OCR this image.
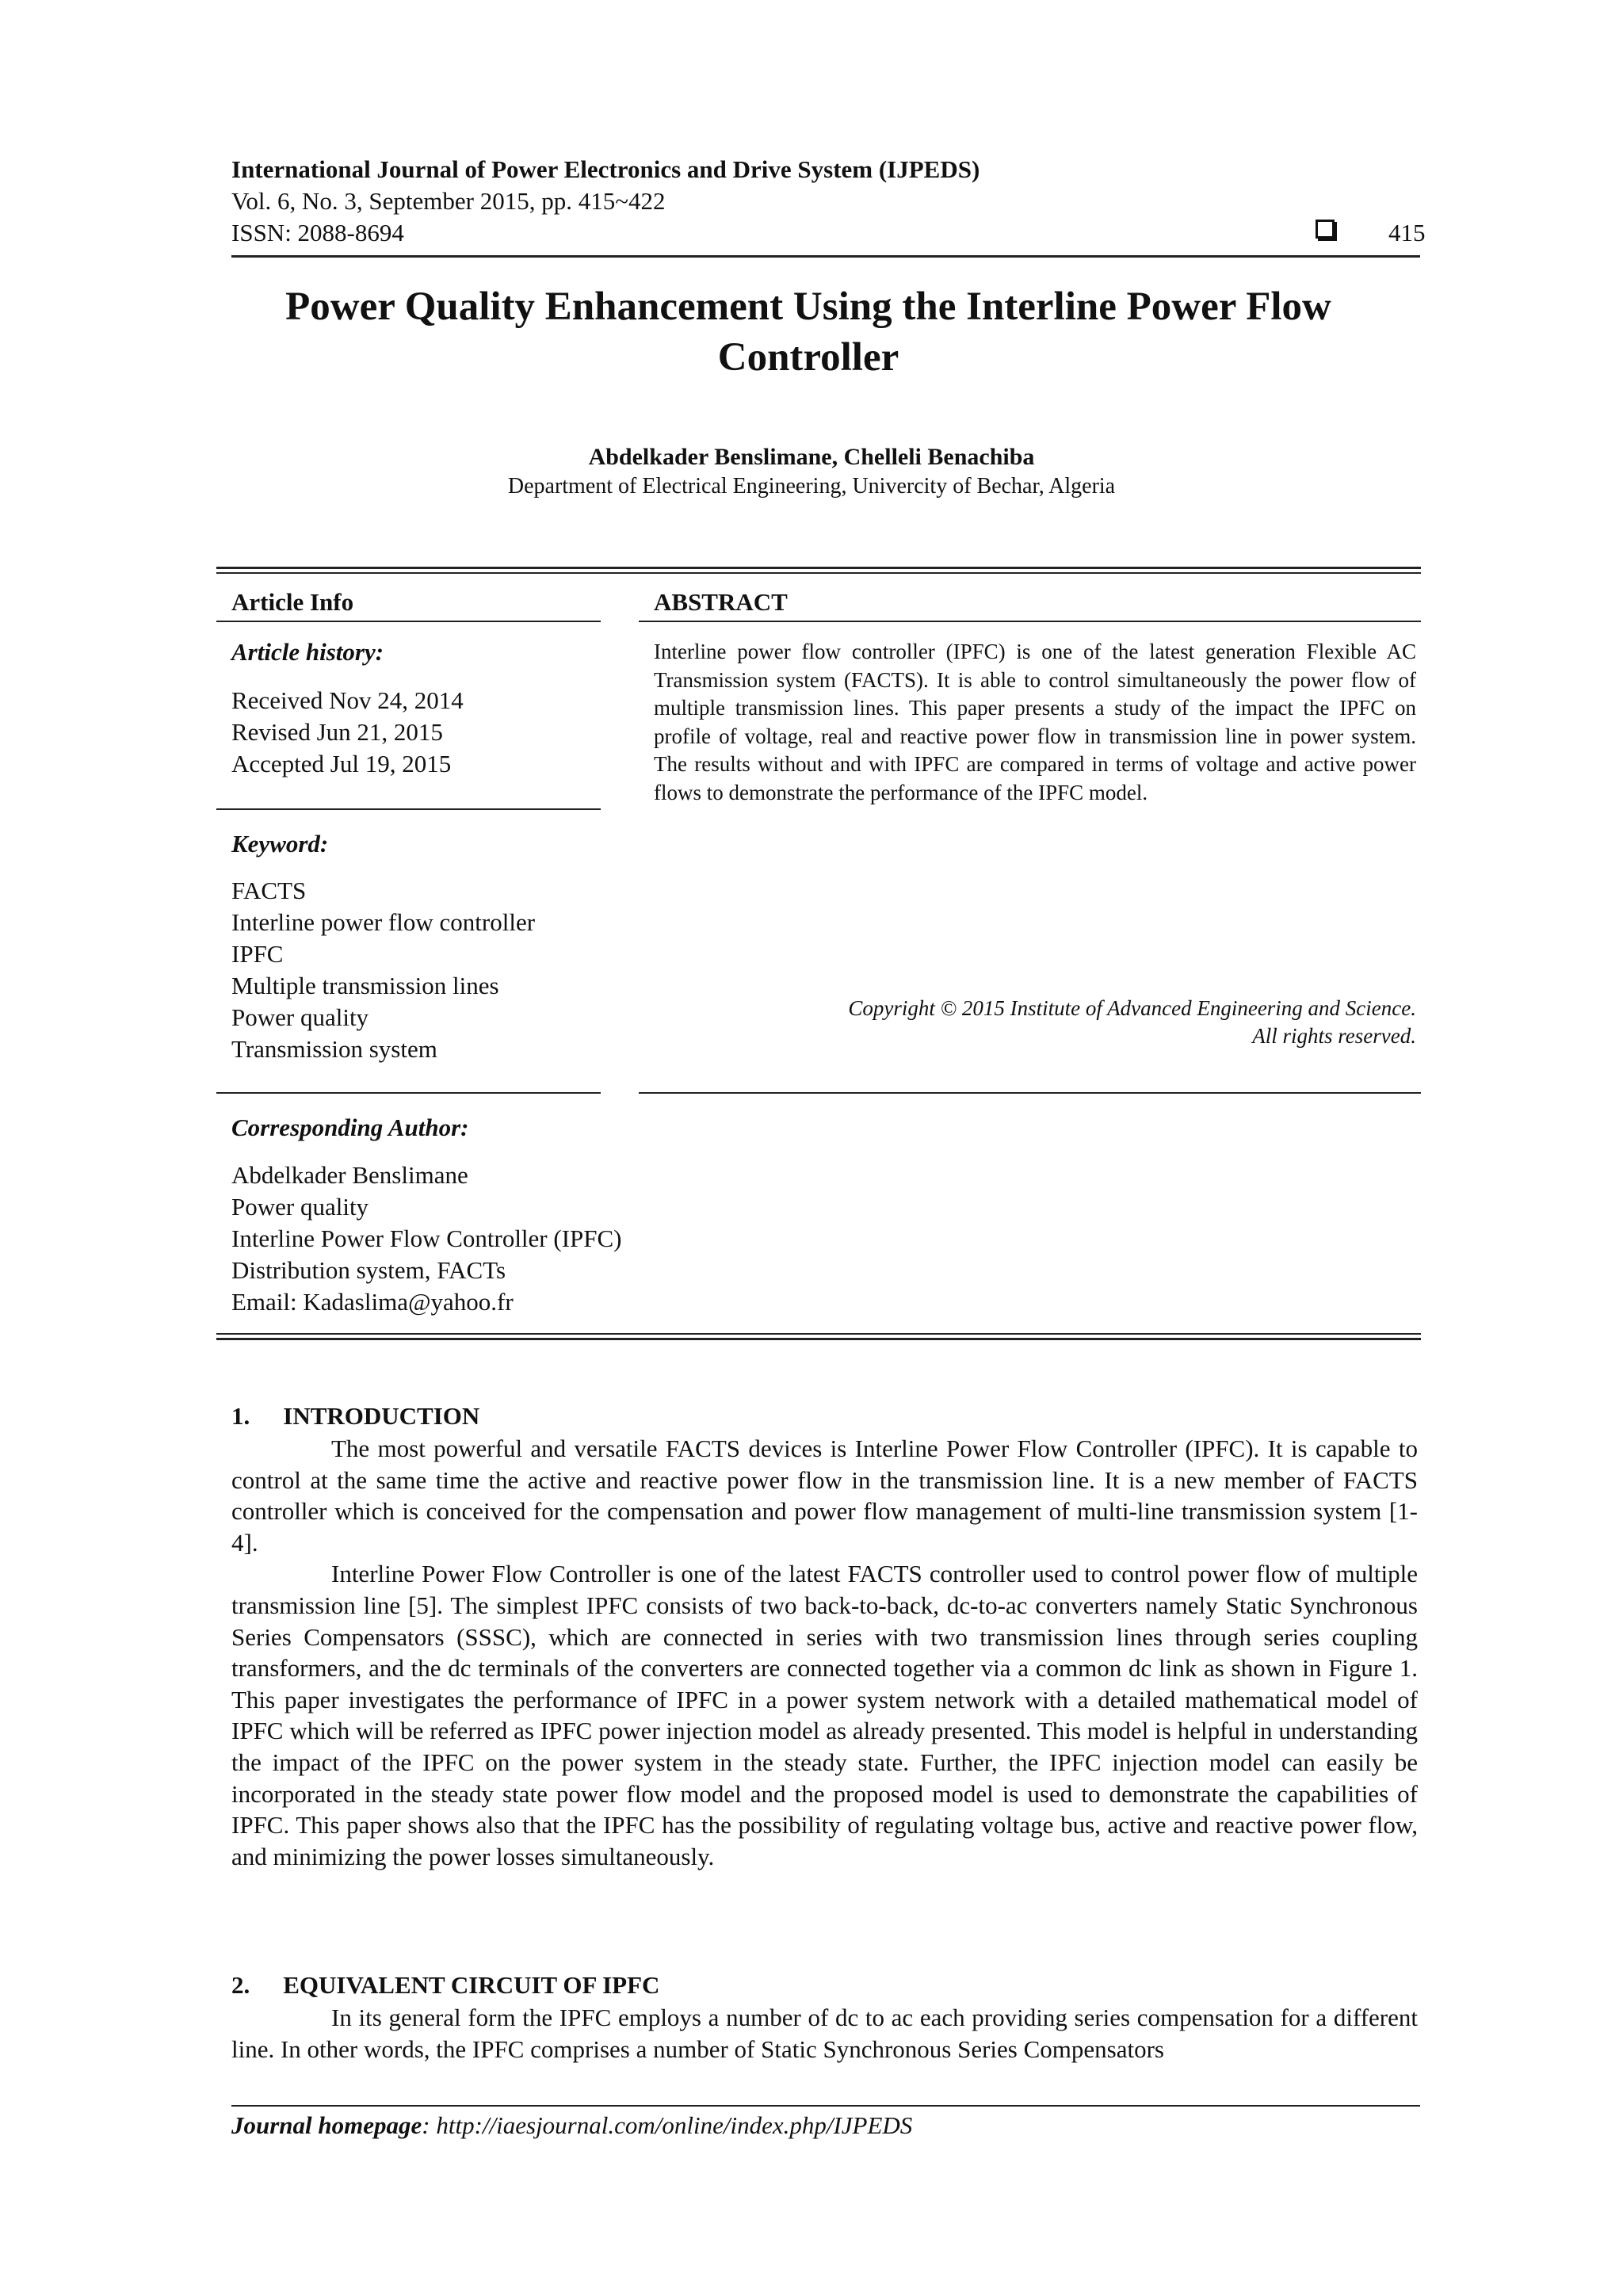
International Journal of Power Electronics and Drive System (IJPEDS)
Vol. 6, No. 3, September 2015, pp. 415~422
ISSN: 2088-8694	415
Power Quality Enhancement Using the Interline Power Flow Controller
Abdelkader Benslimane, Chelleli Benachiba
Department of Electrical Engineering, Univercity of Bechar, Algeria
Article Info
Article history:
Received Nov 24, 2014
Revised Jun 21, 2015
Accepted Jul 19, 2015
Keyword:
FACTS
Interline power flow controller
IPFC
Multiple transmission lines
Power quality
Transmission system
ABSTRACT
Interline power flow controller (IPFC) is one of the latest generation Flexible AC Transmission system (FACTS). It is able to control simultaneously the power flow of multiple transmission lines. This paper presents a study of the impact the IPFC on profile of voltage, real and reactive power flow in transmission line in power system. The results without and with IPFC are compared in terms of voltage and active power flows to demonstrate the performance of the IPFC model.
Copyright © 2015 Institute of Advanced Engineering and Science.
All rights reserved.
Corresponding Author:
Abdelkader Benslimane
Power quality
Interline Power Flow Controller (IPFC)
Distribution system, FACTs
Email: Kadaslima@yahoo.fr
1. INTRODUCTION

The most powerful and versatile FACTS devices is Interline Power Flow Controller (IPFC). It is capable to control at the same time the active and reactive power flow in the transmission line. It is a new member of FACTS controller which is conceived for the compensation and power flow management of multi-line transmission system [1-4].

Interline Power Flow Controller is one of the latest FACTS controller used to control power flow of multiple transmission line [5]. The simplest IPFC consists of two back-to-back, dc-to-ac converters namely Static Synchronous Series Compensators (SSSC), which are connected in series with two transmission lines through series coupling transformers, and the dc terminals of the converters are connected together via a common dc link as shown in Figure 1. This paper investigates the performance of IPFC in a power system network with a detailed mathematical model of IPFC which will be referred as IPFC power injection model as already presented. This model is helpful in understanding the impact of the IPFC on the power system in the steady state. Further, the IPFC injection model can easily be incorporated in the steady state power flow model and the proposed model is used to demonstrate the capabilities of IPFC. This paper shows also that the IPFC has the possibility of regulating voltage bus, active and reactive power flow, and minimizing the power losses simultaneously.

2. EQUIVALENT CIRCUIT OF IPFC

In its general form the IPFC employs a number of dc to ac each providing series compensation for a different line. In other words, the IPFC comprises a number of Static Synchronous Series Compensators

Journal homepage: http://iaesjournal.com/online/index.php/IJPEDS
